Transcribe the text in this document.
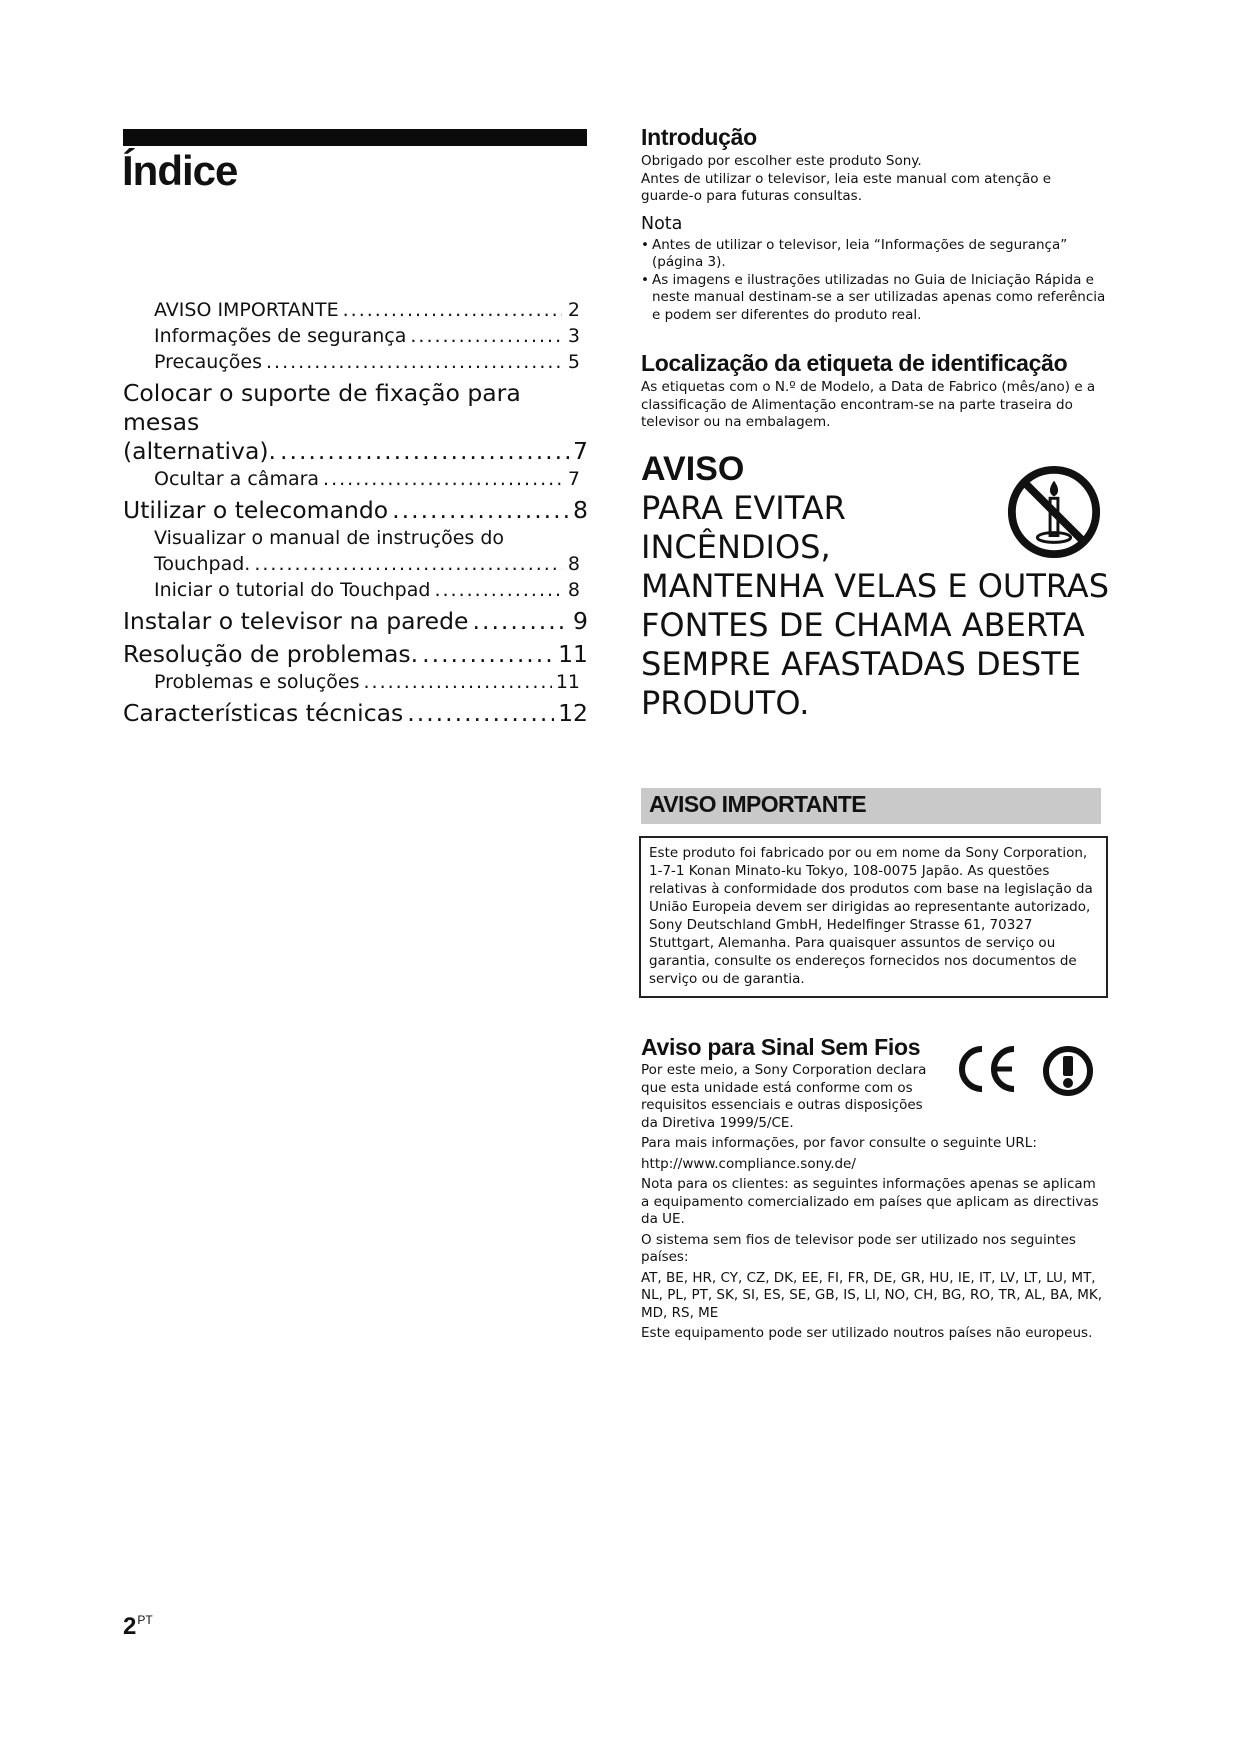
Índice
AVISO IMPORTANTE .....	2
Informações de segurança .....	3
Precauções .....	5
Colocar o suporte de fixação para mesas
(alternativa). .....	7
Ocultar a câmara .....	7
Utilizar o telecomando .....	8
Visualizar o manual de instruções do
Touchpad. .....	8
Iniciar o tutorial do Touchpad .....	8
Instalar o televisor na parede .....	9
Resolução de problemas. .....	11
Problemas e soluções .....	11
Características técnicas .....	12
Introdução

Obrigado por escolher este produto Sony.

Antes de utilizar o televisor, leia este manual com atenção e guarde-o para futuras consultas.

Nota

• Antes de utilizar o televisor, leia “Informações de segurança” (página 3).

• As imagens e ilustrações utilizadas no Guia de Iniciação Rápida e neste manual destinam-se a ser utilizadas apenas como referência e podem ser diferentes do produto real.

Localização da etiqueta de identificação

As etiquetas com o N.º de Modelo, a Data de Fabrico (mês/ano) e a classificação de Alimentação encontram-se na parte traseira do televisor ou na embalagem.

AVISO

PARA EVITAR

INCÊNDIOS,

MANTENHA VELAS E OUTRAS

FONTES DE CHAMA ABERTA

SEMPRE AFASTADAS DESTE

PRODUTO.

AVISO IMPORTANTE

Este produto foi fabricado por ou em nome da Sony Corporation, 1-7-1 Konan Minato-ku Tokyo, 108-0075 Japão. As questões relativas à conformidade dos produtos com base na legislação da União Europeia devem ser dirigidas ao representante autorizado, Sony Deutschland GmbH, Hedelfinger Strasse 61, 70327 Stuttgart, Alemanha. Para quaisquer assuntos de serviço ou garantia, consulte os endereços fornecidos nos documentos de serviço ou de garantia.

Aviso para Sinal Sem Fios

Por este meio, a Sony Corporation declara que esta unidade está conforme com os requisitos essenciais e outras disposições da Diretiva 1999/5/CE.

Para mais informações, por favor consulte o seguinte URL:

http://www.compliance.sony.de/

Nota para os clientes: as seguintes informações apenas se aplicam a equipamento comercializado em países que aplicam as directivas da UE.

O sistema sem fios de televisor pode ser utilizado nos seguintes países:

AT, BE, HR, CY, CZ, DK, EE, FI, FR, DE, GR, HU, IE, IT, LV, LT, LU, MT, NL, PL, PT, SK, SI, ES, SE, GB, IS, LI, NO, CH, BG, RO, TR, AL, BA, MK, MD, RS, ME

Este equipamento pode ser utilizado noutros países não europeus.

$2^{PT}$
